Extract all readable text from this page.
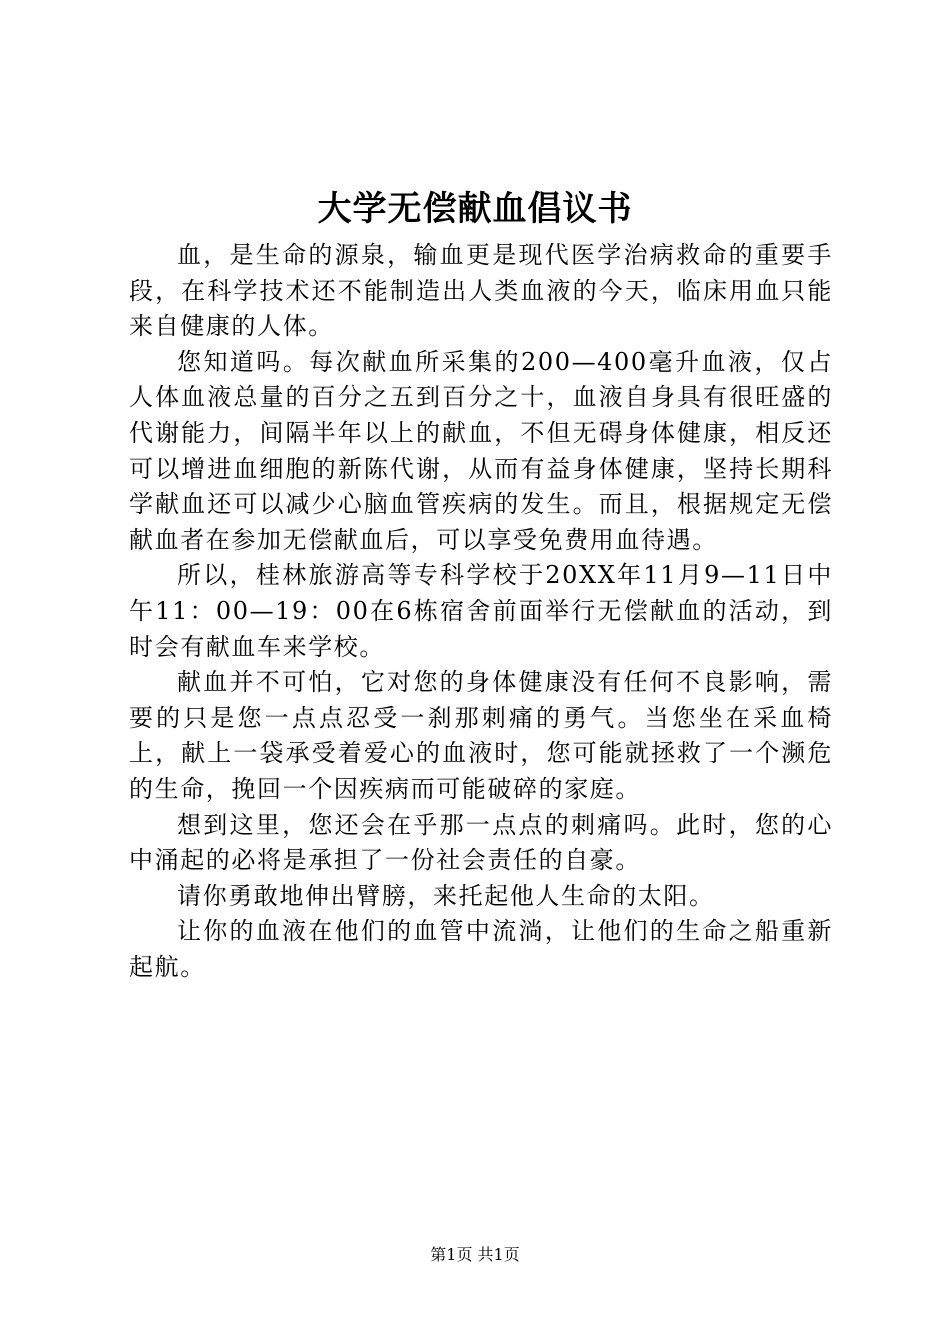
大学无偿献血倡议书

血，是生命的源泉，输血更是现代医学治病救命的重要手段，在科学技术还不能制造出人类血液的今天，临床用血只能来自健康的人体。

您知道吗。每次献血所采集的200—400毫升血液，仅占人体血液总量的百分之五到百分之十，血液自身具有很旺盛的代谢能力，间隔半年以上的献血，不但无碍身体健康，相反还可以增进血细胞的新陈代谢，从而有益身体健康，坚持长期科学献血还可以减少心脑血管疾病的发生。而且，根据规定无偿献血者在参加无偿献血后，可以享受免费用血待遇。

所以，桂林旅游高等专科学校于20XX年11月9—11日中午11：00—19：00在6栋宿舍前面举行无偿献血的活动，到时会有献血车来学校。

献血并不可怕，它对您的身体健康没有任何不良影响，需要的只是您一点点忍受一刹那刺痛的勇气。当您坐在采血椅上，献上一袋承受着爱心的血液时，您可能就拯救了一个濒危的生命，挽回一个因疾病而可能破碎的家庭。

想到这里，您还会在乎那一点点的刺痛吗。此时，您的心中涌起的必将是承担了一份社会责任的自豪。

请你勇敢地伸出臂膀，来托起他人生命的太阳。

让你的血液在他们的血管中流淌，让他们的生命之船重新起航。

第1页 共1页
